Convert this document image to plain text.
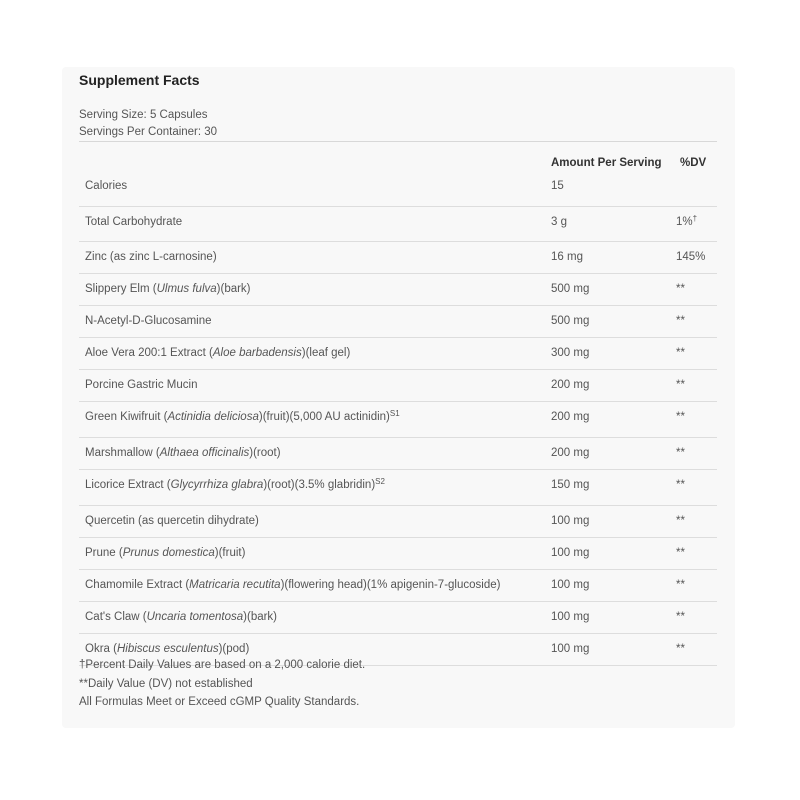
Supplement Facts
Serving Size: 5 Capsules
Servings Per Container: 30
Amount Per Serving %DV
Calories	15
Total Carbohydrate	3 g	1%†
Zinc (as zinc L-carnosine)	16 mg	145%
Slippery Elm (Ulmus fulva)(bark)	500 mg	**
N-Acetyl-D-Glucosamine	500 mg	**
Aloe Vera 200:1 Extract (Aloe barbadensis)(leaf gel)	300 mg	**
Porcine Gastric Mucin	200 mg	**
Green Kiwifruit (Actinidia deliciosa)(fruit)(5,000 AU actinidin)$^{S1}$	200 mg	**
Marshmallow (Althaea officinalis)(root)	200 mg	**
Licorice Extract (Glycyrrhiza glabra)(root)(3.5% glabridin)$^{S2}$	150 mg	**
Quercetin (as quercetin dihydrate)	100 mg	**
Prune (Prunus domestica)(fruit)	100 mg	**
Chamomile Extract (Matricaria recutita)(flowering head)(1% apigenin-7-glucoside)	100 mg	**
Cat's Claw (Uncaria tomentosa)(bark)	100 mg	**
Okra (Hibiscus esculentus)(pod)	100 mg	**
†Percent Daily Values are based on a 2,000 calorie diet.
**Daily Value (DV) not established
All Formulas Meet or Exceed cGMP Quality Standards.
